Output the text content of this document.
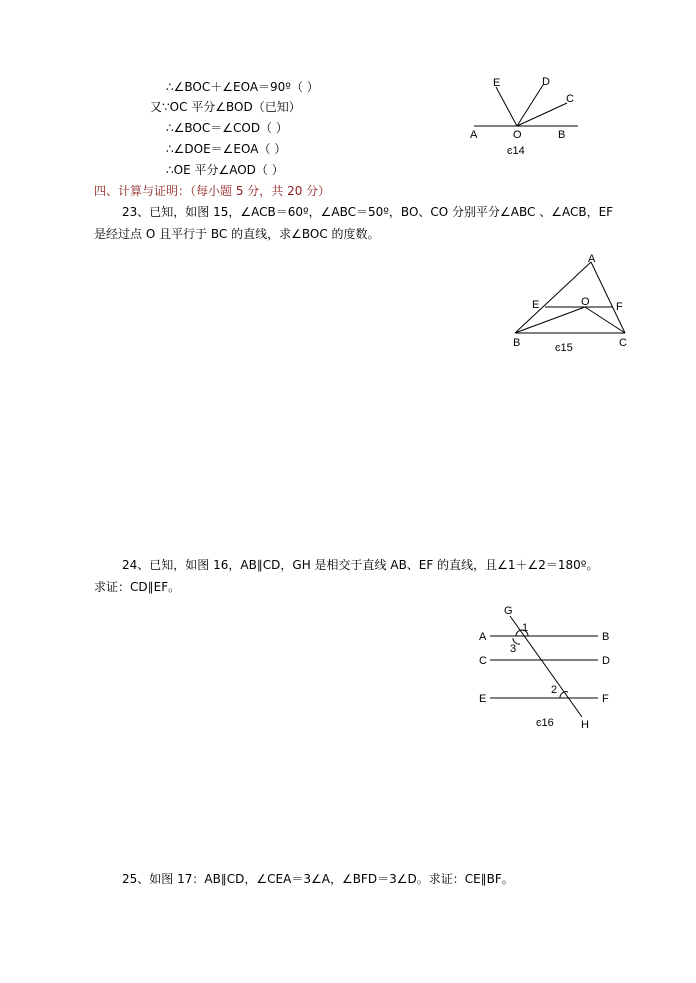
∴∠BOC＋∠EOA＝90º（ ）
又∵OC 平分∠BOD（已知）
∴∠BOC＝∠COD（ ）
∴∠DOE＝∠EOA（ ）
∴OE 平分∠AOD（ ）
E	D
C
A	O	B
ͼ14
四、计算与证明：（每小题 5 分，共 20 分）
23、已知，如图 15，∠ACB＝60º，∠ABC＝50º，BO、CO 分别平分∠ABC 、∠ACB，EF
是经过点 O 且平行于 BC 的直线，求∠BOC 的度数。
A
E	O F
B	C
ͼ15
24、已知，如图 16，AB∥CD，GH 是相交于直线 AB、EF 的直线，且∠1＋∠2＝180º。
求证：CD∥EF。
G
1
3
A	B
C	D
2
E	F
ͼ16 H
25、如图 17：AB∥CD，∠CEA＝3∠A，∠BFD＝3∠D。求证：CE∥BF。
